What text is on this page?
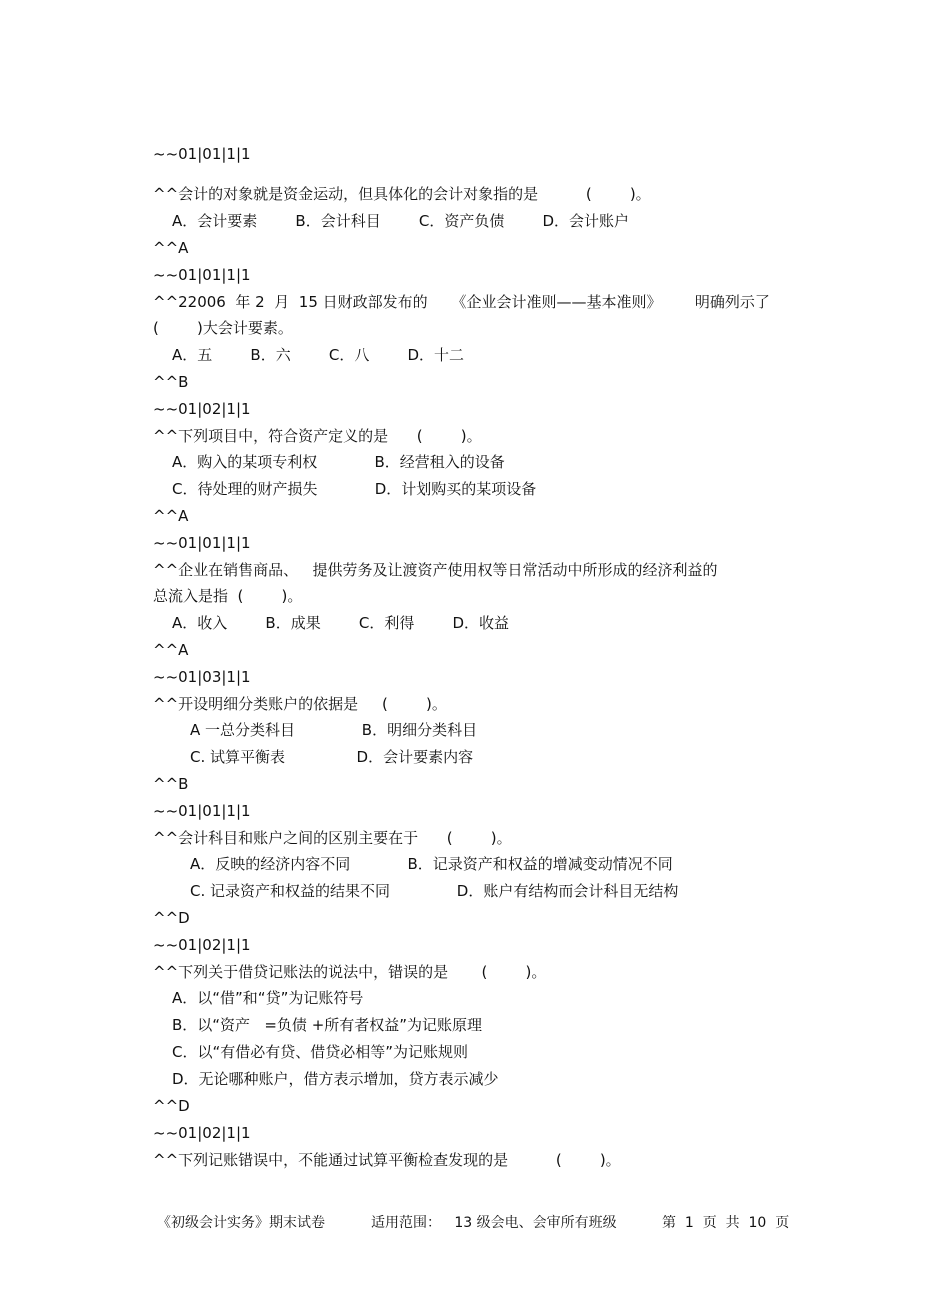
~~01|01|1|1
^^会计的对象就是资金运动，但具体化的会计对象指的是          (        )。
A．会计要素        B．会计科目        C．资产负债        D．会计账户
^^A
~~01|01|1|1
^^22006  年 2  月  15 日财政部发布的     《企业会计准则——基本准则》       明确列示了
(        )大会计要素。
A．五        B．六        C．八        D．十二
^^B
~~01|02|1|1
^^下列项目中，符合资产定义的是      (        )。
A．购入的某项专利权            B．经营租入的设备
C．待处理的财产损失            D．计划购买的某项设备
^^A
~~01|01|1|1
^^企业在销售商品、   提供劳务及让渡资产使用权等日常活动中所形成的经济利益的
总流入是指  (        )。
A．收入        B．成果        C．利得        D．收益
^^A
~~01|03|1|1
^^开设明细分类账户的依据是     (        )。
A 一总分类科目              B．明细分类科目
C. 试算平衡表               D．会计要素内容
^^B
~~01|01|1|1
^^会计科目和账户之间的区别主要在于      (        )。
A．反映的经济内容不同            B．记录资产和权益的增减变动情况不同
C. 记录资产和权益的结果不同              D．账户有结构而会计科目无结构
^^D
~~01|02|1|1
^^下列关于借贷记账法的说法中，错误的是       (        )。
A．以“借”和“贷”为记账符号
B．以“资产   =负债 +所有者权益”为记账原理
C．以“有借必有贷、借贷必相等”为记账规则
D．无论哪种账户，借方表示增加，贷方表示减少
^^D
~~01|02|1|1
^^下列记账错误中，不能通过试算平衡检查发现的是          (        )。
《初级会计实务》期末试卷	适用范围：   13 级会电、会审所有班级	第  1  页  共  10  页
